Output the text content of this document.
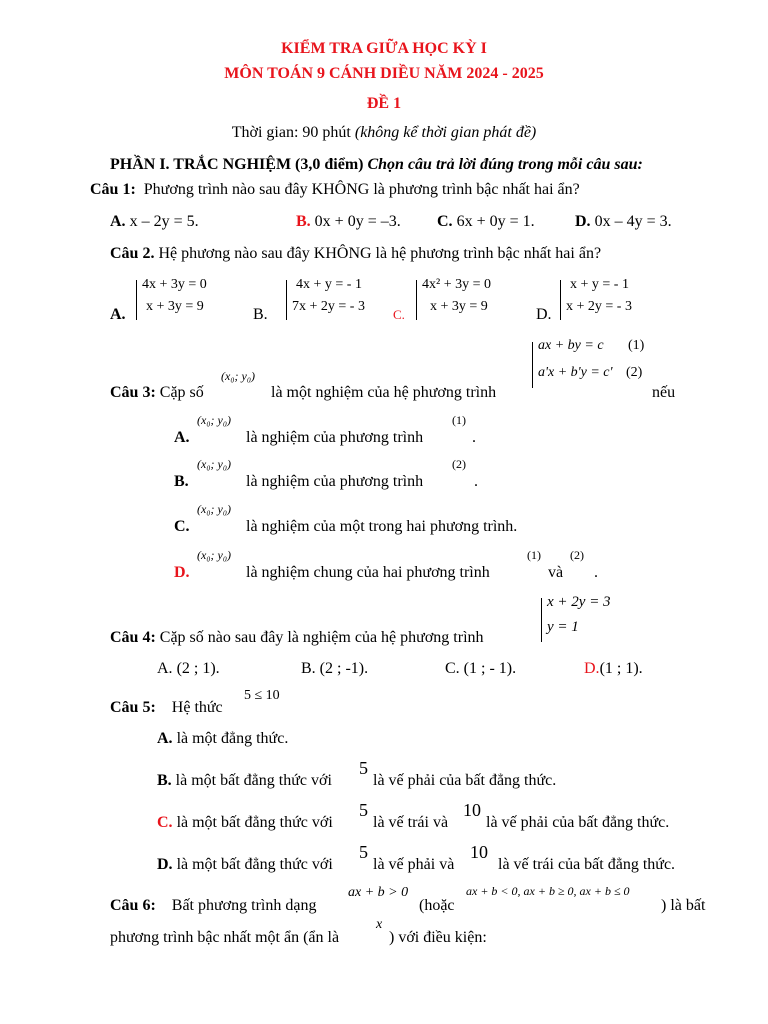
KIỂM TRA GIỮA HỌC KỲ I
MÔN TOÁN 9 CÁNH DIỀU NĂM 2024 - 2025
ĐỀ 1
Thời gian: 90 phút (không kể thời gian phát đề)
PHẦN I. TRẮC NGHIỆM (3,0 điểm) Chọn câu trả lời đúng trong mỗi câu sau:
Câu 1: Phương trình nào sau đây KHÔNG là phương trình bậc nhất hai ẩn?
A. x – 2y = 5.	B. 0x + 0y = –3. C. 6x + 0y = 1.	D. 0x – 4y = 3.
Câu 2. Hệ phương nào sau đây KHÔNG là hệ phương trình bậc nhất hai ẩn?
A.
4x + 3y = 0
x + 3y = 9	B.
4x + y = - 1
7x + 2y = - 3
C.
4x² + 3y = 0
x + 3y = 9	D.
x + y = - 1
x + 2y = - 3
Câu 3: Cặp số
(x₀; y₀)
là một nghiệm của hệ phương trình
ax + by = c (1)
a'x + b'y = c' (2)
nếu
A.
(x₀; y₀)
là nghiệm của phương trình
(1)
.
B.
(x₀; y₀)
là nghiệm của phương trình
(2)
.
C.
(x₀; y₀)
là nghiệm của một trong hai phương trình.
D.
(x₀; y₀)
là nghiệm chung của hai phương trình
(1)
và
(2)
.
Câu 4: Cặp số nào sau đây là nghiệm của hệ phương trình
x + 2y = 3
y = 1
A. (2 ; 1).	B. (2 ; -1).	C. (1 ; - 1).	D.(1 ; 1).
Câu 5: Hệ thức
5 ≤ 10
A. là một đẳng thức.
B. là một bất đẳng thức với
5
là vế phải của bất đẳng thức.
C. là một bất đẳng thức với
5
là vế trái và
10
là vế phải của bất đẳng thức.
D. là một bất đẳng thức với
5
là vế phải và
10
là vế trái của bất đẳng thức.
Câu 6: Bất phương trình dạng
ax + b > 0
(hoặc
ax + b < 0, ax + b ≥ 0, ax + b ≤ 0
) là bất
phương trình bậc nhất một ẩn (ẩn là
x
) với điều kiện:
